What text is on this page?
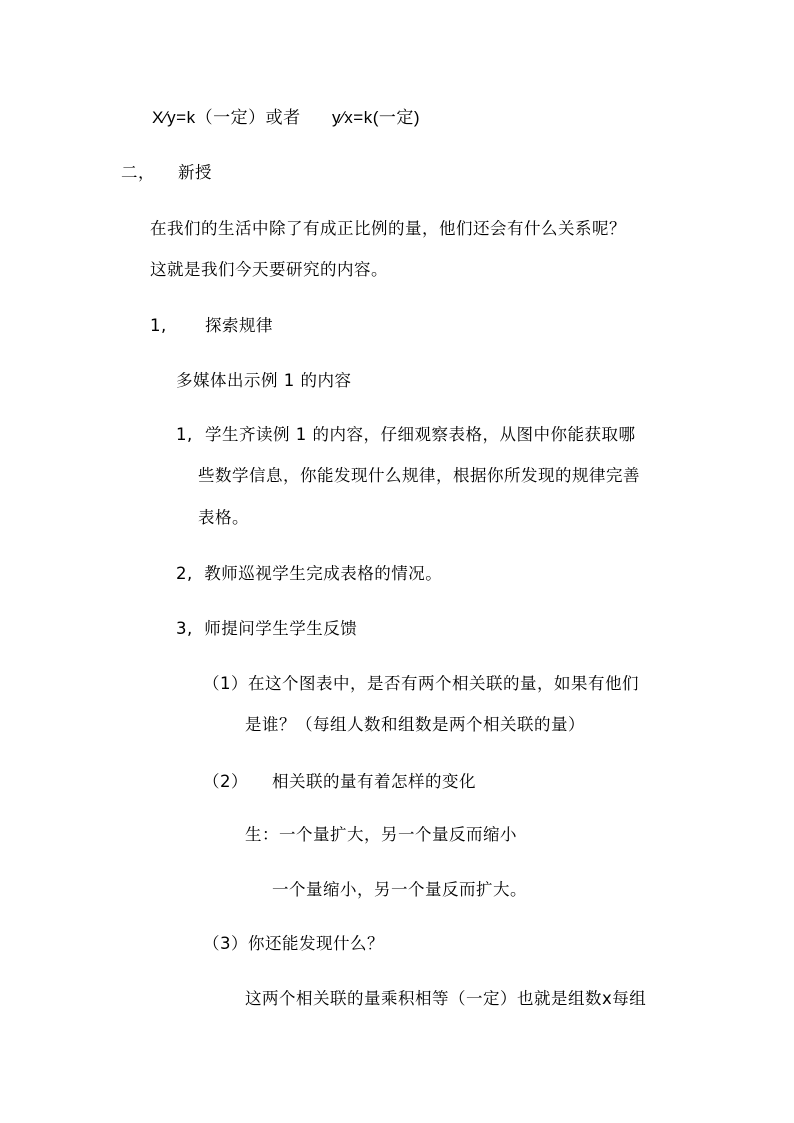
X∕y=k（一定）或者      y∕x=k(一定)
二， 新授
在我们的生活中除了有成正比例的量，他们还会有什么关系呢？
这就是我们今天要研究的内容。
1, 探索规律
多媒体出示例 1 的内容
1, 学生齐读例 1 的内容，仔细观察表格，从图中你能获取哪
些数学信息，你能发现什么规律，根据你所发现的规律完善
表格。
2,  教师巡视学生完成表格的情况。
3,  师提问学生学生反馈
（1）在这个图表中，是否有两个相关联的量，如果有他们
是谁？（每组人数和组数是两个相关联的量）
（2） 相关联的量有着怎样的变化
生：一个量扩大，另一个量反而缩小
一个量缩小，另一个量反而扩大。
（3）你还能发现什么？
这两个相关联的量乘积相等（一定）也就是组数x每组
